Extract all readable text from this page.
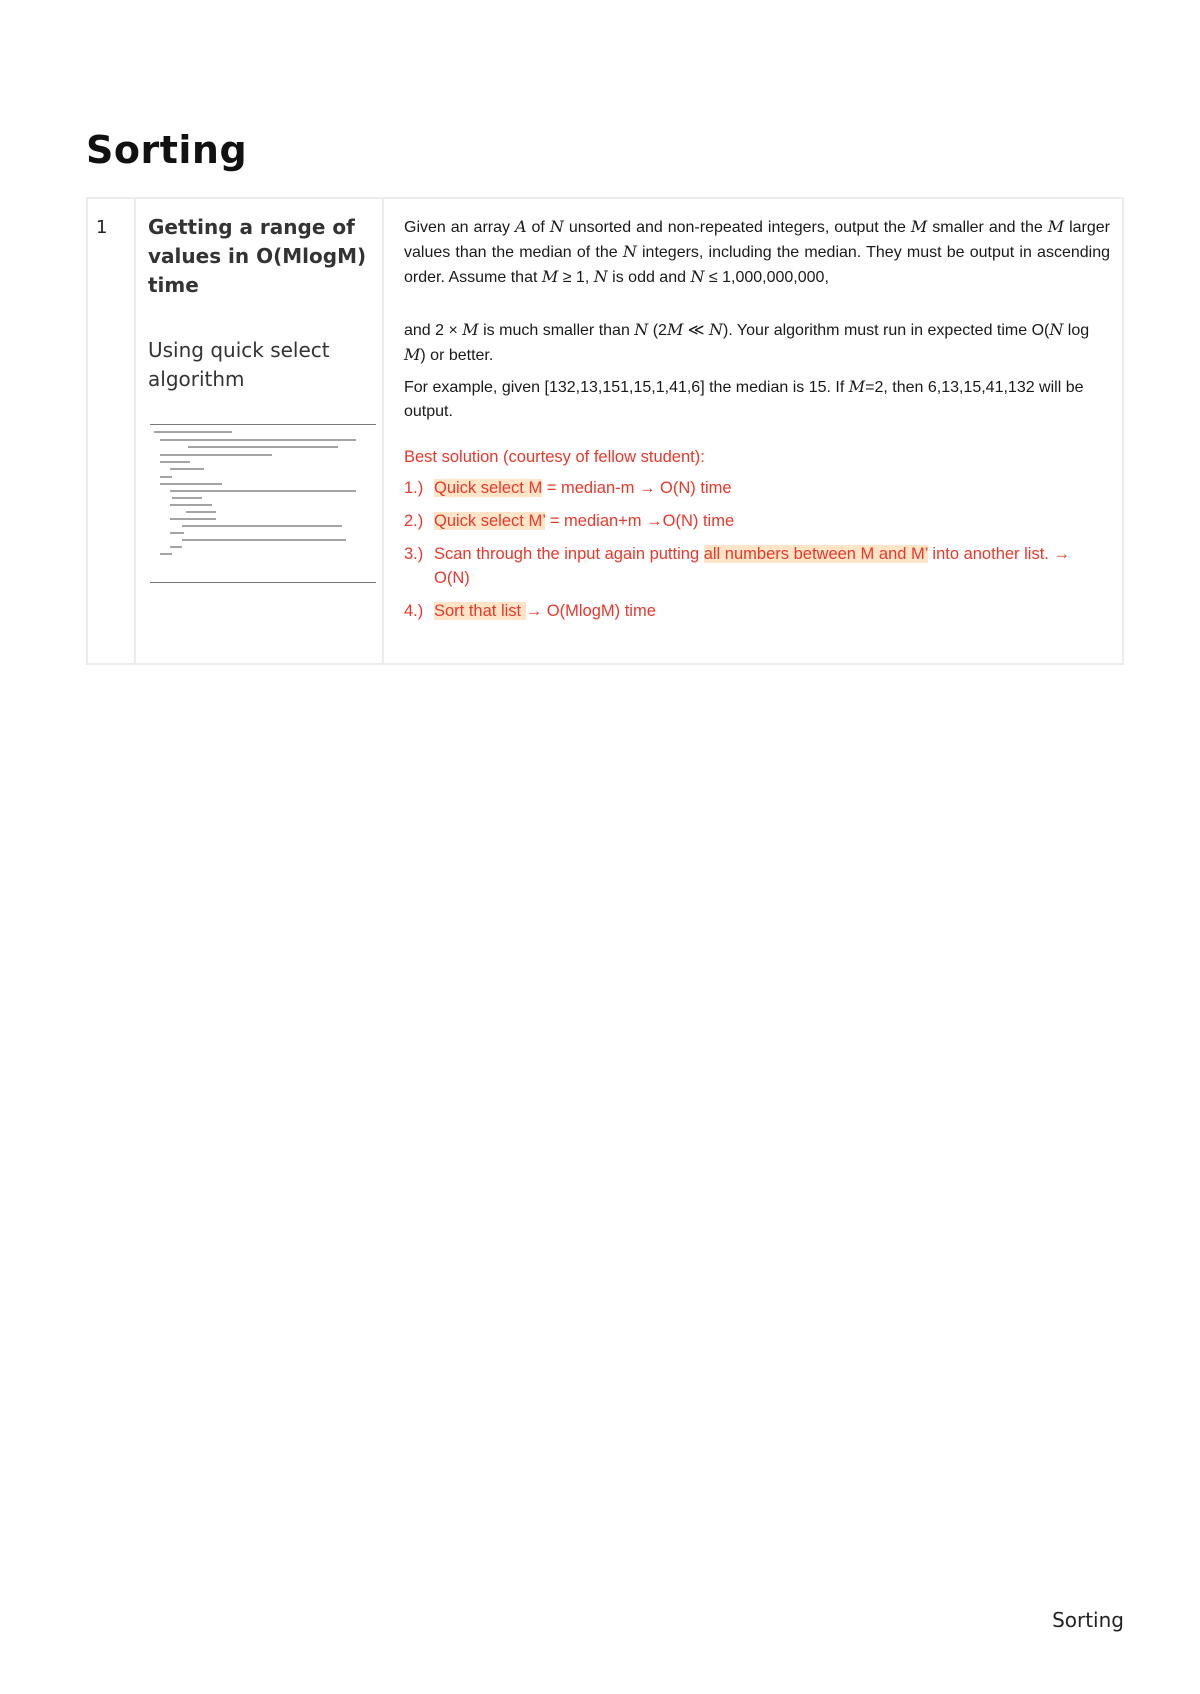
Sorting
1	Getting a range of values in O(MlogM) time

Using quick select algorithm

Given an array A of N unsorted and non-repeated integers, output the M smaller and the M larger values than the median of the N integers, including the median. They must be output in ascending order. Assume that M ≥ 1, N is odd and N ≤ 1,000,000,000,

and 2 × M is much smaller than N (2M ≪ N). Your algorithm must run in expected time O(N log M) or better.

For example, given [132,13,151,15,1,41,6] the median is 15. If M=2, then 6,13,15,41,132 will be output.

Best solution (courtesy of fellow student):

1.) Quick select M = median-m → O(N) time
2.) Quick select M’ = median+m →O(N) time
3.) Scan through the input again putting all numbers between M and M’ into another list. → O(N)
4.) Sort that list → O(MlogM) time

Sorting
